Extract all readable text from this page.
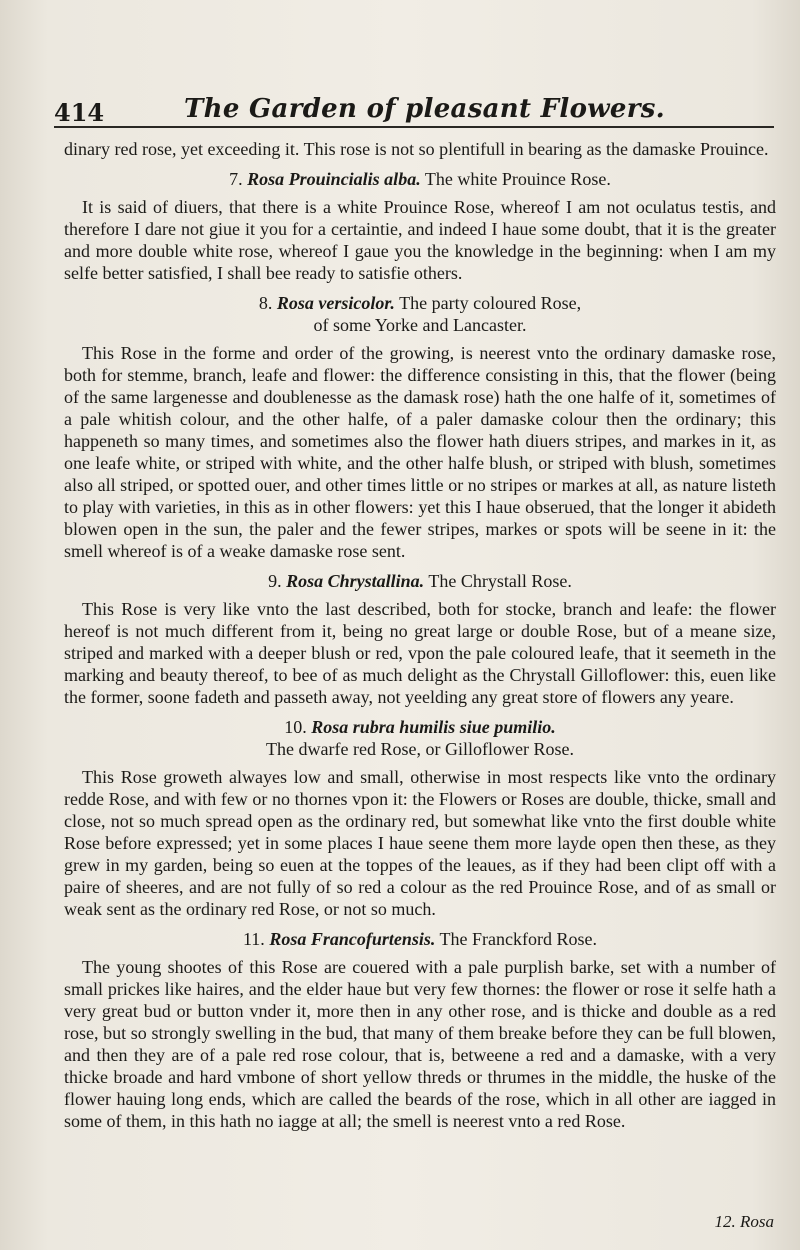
414	The Garden of pleasant Flowers.

dinary red rose, yet exceeding it. This rose is not so plentifull in bearing as the damaske Prouince.

7. Rosa Prouincialis alba. The white Prouince Rose.

It is said of diuers, that there is a white Prouince Rose, whereof I am not oculatus testis, and therefore I dare not giue it you for a certaintie, and indeed I haue some doubt, that it is the greater and more double white rose, whereof I gaue you the knowledge in the beginning: when I am my selfe better satisfied, I shall bee ready to satisfie others.

8. Rosa versicolor. The party coloured Rose,
of some Yorke and Lancaster.

This Rose in the forme and order of the growing, is neerest vnto the ordinary damaske rose, both for stemme, branch, leafe and flower: the difference consisting in this, that the flower (being of the same largenesse and doublenesse as the damask rose) hath the one halfe of it, sometimes of a pale whitish colour, and the other halfe, of a paler damaske colour then the ordinary; this happeneth so many times, and sometimes also the flower hath diuers stripes, and markes in it, as one leafe white, or striped with white, and the other halfe blush, or striped with blush, sometimes also all striped, or spotted ouer, and other times little or no stripes or markes at all, as nature listeth to play with varieties, in this as in other flowers: yet this I haue obserued, that the longer it abideth blowen open in the sun, the paler and the fewer stripes, markes or spots will be seene in it: the smell whereof is of a weake damaske rose sent.

9. Rosa Chrystallina. The Chrystall Rose.

This Rose is very like vnto the last described, both for stocke, branch and leafe: the flower hereof is not much different from it, being no great large or double Rose, but of a meane size, striped and marked with a deeper blush or red, vpon the pale coloured leafe, that it seemeth in the marking and beauty thereof, to bee of as much delight as the Chrystall Gilloflower: this, euen like the former, soone fadeth and passeth away, not yeelding any great store of flowers any yeare.

10. Rosa rubra humilis siue pumilio.
The dwarfe red Rose, or Gilloflower Rose.

This Rose groweth alwayes low and small, otherwise in most respects like vnto the ordinary redde Rose, and with few or no thornes vpon it: the Flowers or Roses are double, thicke, small and close, not so much spread open as the ordinary red, but somewhat like vnto the first double white Rose before expressed; yet in some places I haue seene them more layde open then these, as they grew in my garden, being so euen at the toppes of the leaues, as if they had been clipt off with a paire of sheeres, and are not fully of so red a colour as the red Prouince Rose, and of as small or weak sent as the ordinary red Rose, or not so much.

11. Rosa Francofurtensis. The Franckford Rose.

The young shootes of this Rose are couered with a pale purplish barke, set with a number of small prickes like haires, and the elder haue but very few thornes: the flower or rose it selfe hath a very great bud or button vnder it, more then in any other rose, and is thicke and double as a red rose, but so strongly swelling in the bud, that many of them breake before they can be full blowen, and then they are of a pale red rose colour, that is, betweene a red and a damaske, with a very thicke broade and hard vmbone of short yellow threds or thrumes in the middle, the huske of the flower hauing long ends, which are called the beards of the rose, which in all other are iagged in some of them, in this hath no iagge at all; the smell is neerest vnto a red Rose.

12. Rosa
